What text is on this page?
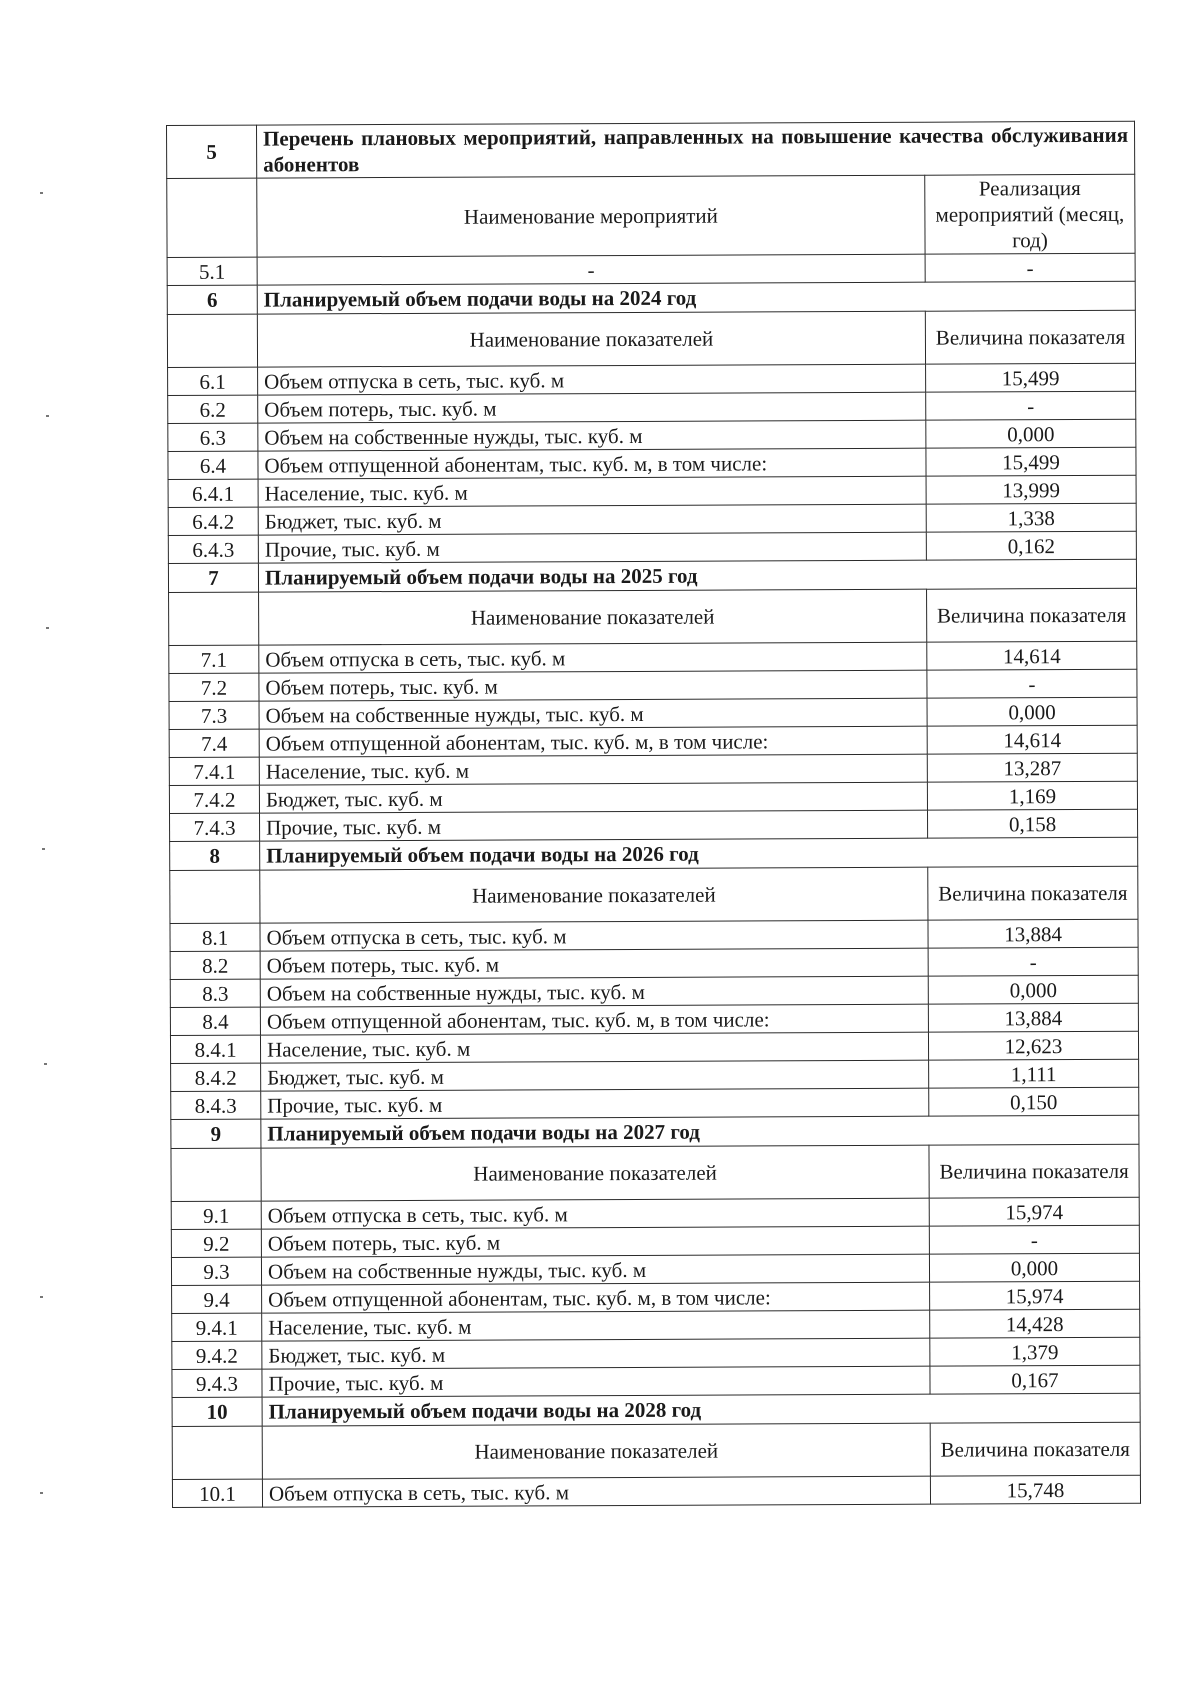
5	Перечень плановых мероприятий, направленных на повышение качества обслуживания абонентов	
	Наименование мероприятий	Реализация мероприятий (месяц, год)
5.1	-	-
6	Планируемый объем подачи воды на 2024 год	
	Наименование показателей	Величина показателя
6.1	Объем отпуска в сеть, тыс. куб. м	15,499
6.2	Объем потерь, тыс. куб. м	-
6.3	Объем на собственные нужды, тыс. куб. м	0,000
6.4	Объем отпущенной абонентам, тыс. куб. м, в том числе:	15,499
6.4.1	Население, тыс. куб. м	13,999
6.4.2	Бюджет, тыс. куб. м	1,338
6.4.3	Прочие, тыс. куб. м	0,162
7	Планируемый объем подачи воды на 2025 год	
	Наименование показателей	Величина показателя
7.1	Объем отпуска в сеть, тыс. куб. м	14,614
7.2	Объем потерь, тыс. куб. м	-
7.3	Объем на собственные нужды, тыс. куб. м	0,000
7.4	Объем отпущенной абонентам, тыс. куб. м, в том числе:	14,614
7.4.1	Население, тыс. куб. м	13,287
7.4.2	Бюджет, тыс. куб. м	1,169
7.4.3	Прочие, тыс. куб. м	0,158
8	Планируемый объем подачи воды на 2026 год	
	Наименование показателей	Величина показателя
8.1	Объем отпуска в сеть, тыс. куб. м	13,884
8.2	Объем потерь, тыс. куб. м	-
8.3	Объем на собственные нужды, тыс. куб. м	0,000
8.4	Объем отпущенной абонентам, тыс. куб. м, в том числе:	13,884
8.4.1	Население, тыс. куб. м	12,623
8.4.2	Бюджет, тыс. куб. м	1,111
8.4.3	Прочие, тыс. куб. м	0,150
9	Планируемый объем подачи воды на 2027 год	
	Наименование показателей	Величина показателя
9.1	Объем отпуска в сеть, тыс. куб. м	15,974
9.2	Объем потерь, тыс. куб. м	-
9.3	Объем на собственные нужды, тыс. куб. м	0,000
9.4	Объем отпущенной абонентам, тыс. куб. м, в том числе:	15,974
9.4.1	Население, тыс. куб. м	14,428
9.4.2	Бюджет, тыс. куб. м	1,379
9.4.3	Прочие, тыс. куб. м	0,167
10	Планируемый объем подачи воды на 2028 год	
	Наименование показателей	Величина показателя
10.1	Объем отпуска в сеть, тыс. куб. м	15,748
